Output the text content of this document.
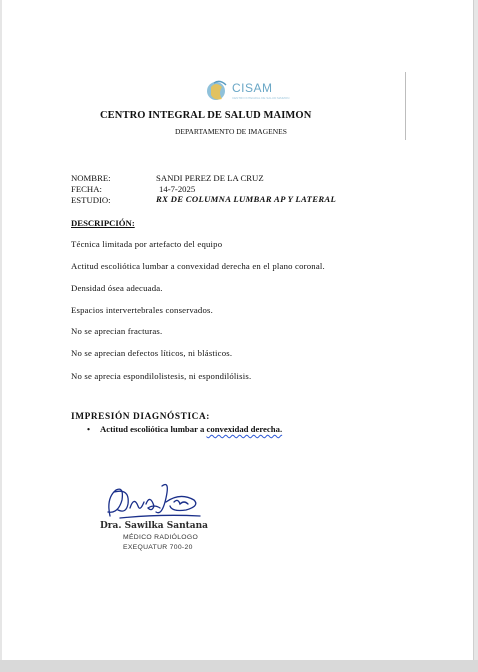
CISAM
CENTRO INTEGRAL DE SALUD MAIMON
CENTRO INTEGRAL DE SALUD MAIMON
DEPARTAMENTO DE IMAGENES
NOMBRE:	SANDI PEREZ DE LA CRUZ
FECHA:	14-7-2025
ESTUDIO:	RX DE COLUMNA LUMBAR AP Y LATERAL
DESCRIPCIÓN:
Técnica limitada por artefacto del equipo
Actitud escoliótica lumbar a convexidad derecha en el plano coronal.
Densidad ósea adecuada.
Espacios intervertebrales conservados.
No se aprecian fracturas.
No se aprecian defectos líticos, ni blásticos.
No se aprecia espondilolistesis, ni espondilólisis.
IMPRESIÓN DIAGNÓSTICA:
• Actitud escoliótica lumbar a convexidad derecha.
Dra. Sawilka Santana
MÉDICO RADIÓLOGO
EXEQUATUR 700-20
